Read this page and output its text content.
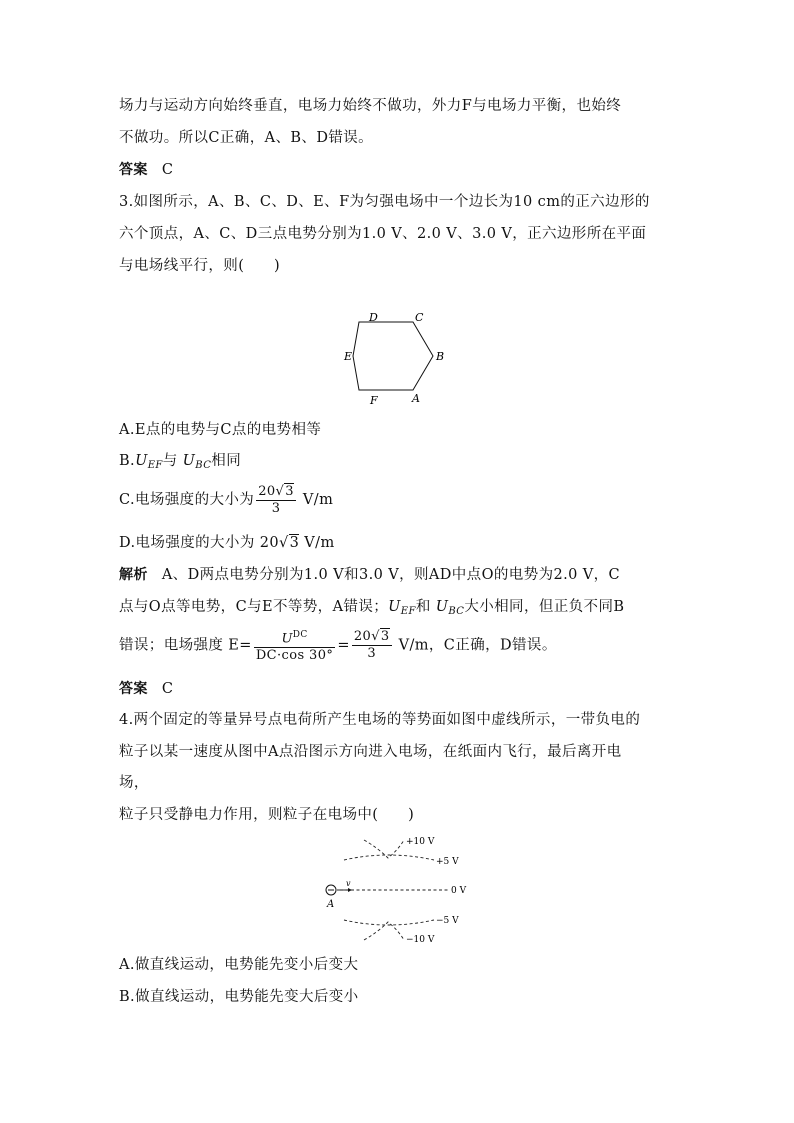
场力与运动方向始终垂直，电场力始终不做功，外力F与电场力平衡，也始终
不做功。所以C正确，A、B、D错误。
答案 C
3.如图所示，A、B、C、D、E、F为匀强电场中一个边长为10 cm的正六边形的
六个顶点，A、C、D三点电势分别为1.0 V、2.0 V、3.0 V，正六边形所在平面
与电场线平行，则(　　)
D	C
E	B
F	A
A.E点的电势与C点的电势相等
$B.U_{EF}$与 $U_{BC}$相同
C.电场强度的大小为 $\frac{20√3}{3} V/m$
D.电场强度的大小为 20√3 V/m
解析 A、D两点电势分别为1.0 V和3.0 V，则AD中点O的电势为2.0 V，C
点与O点等电势，C与E不等势，A错误；$U_{EF}$和 $U_{BC}$大小相同，但正负不同B
错误；电场强度 $E= \frac{U^{DC}}{DC\cdot\cos 30^\circ} = \frac{20√3}{3} V/m$，C正确，D错误。
答案 C
4.两个固定的等量异号点电荷所产生电场的等势面如图中虚线所示，一带负电的
粒子以某一速度从图中A点沿图示方向进入电场，在纸面内飞行，最后离开电
场，
粒子只受静电力作用，则粒子在电场中(　　)
v
A
+10 V
+5 V
0 V
−5 V
−10 V
A.做直线运动，电势能先变小后变大
B.做直线运动，电势能先变大后变小
